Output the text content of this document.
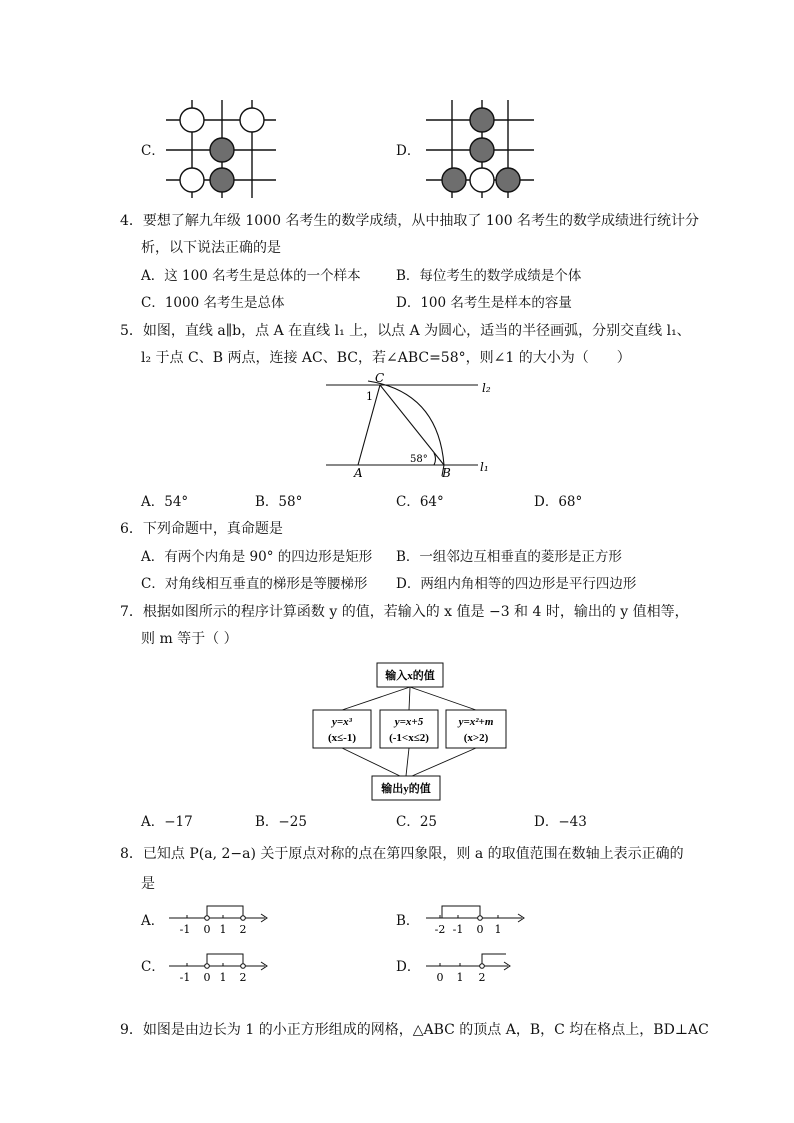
C．	D．
4．要想了解九年级 1000 名考生的数学成绩，从中抽取了 100 名考生的数学成绩进行统计分
析，以下说法正确的是
A．这 100 名考生是总体的一个样本	B．每位考生的数学成绩是个体
C．1000 名考生是总体	D．100 名考生是样本的容量
5．如图，直线 a∥b，点 A 在直线 l₁ 上，以点 A 为圆心，适当的半径画弧，分别交直线 l₁、
l₂ 于点 C、B 两点，连接 AC、BC，若∠ABC=58°，则∠1 的大小为（　　）
C
1
l₂
A
58°
B l₁
A．54°	B．58°	C．64°	D．68°
6．下列命题中，真命题是
A．有两个内角是 90° 的四边形是矩形 B．一组邻边互相垂直的菱形是正方形
C．对角线相互垂直的梯形是等腰梯形 D．两组内角相等的四边形是平行四边形
7．根据如图所示的程序计算函数 y 的值，若输入的 x 值是 −3 和 4 时，输出的 y 值相等，
则 m 等于（ ）
输入x的值
y=x³
(x≤-1)
y=x+5
(-1<x≤2)
y=x²+m
(x>2)
输出y的值
A．−17	B．−25	C．25	D．−43
8．已知点 P(a, 2−a) 关于原点对称的点在第四象限，则 a 的取值范围在数轴上表示正确的
是
A．
-1 0 1 2
B．
-2 -1 0 1
C．
-1 0 1 2
D．
0 1 2
9．如图是由边长为 1 的小正方形组成的网格，△ABC 的顶点 A，B，C 均在格点上，BD⊥AC
